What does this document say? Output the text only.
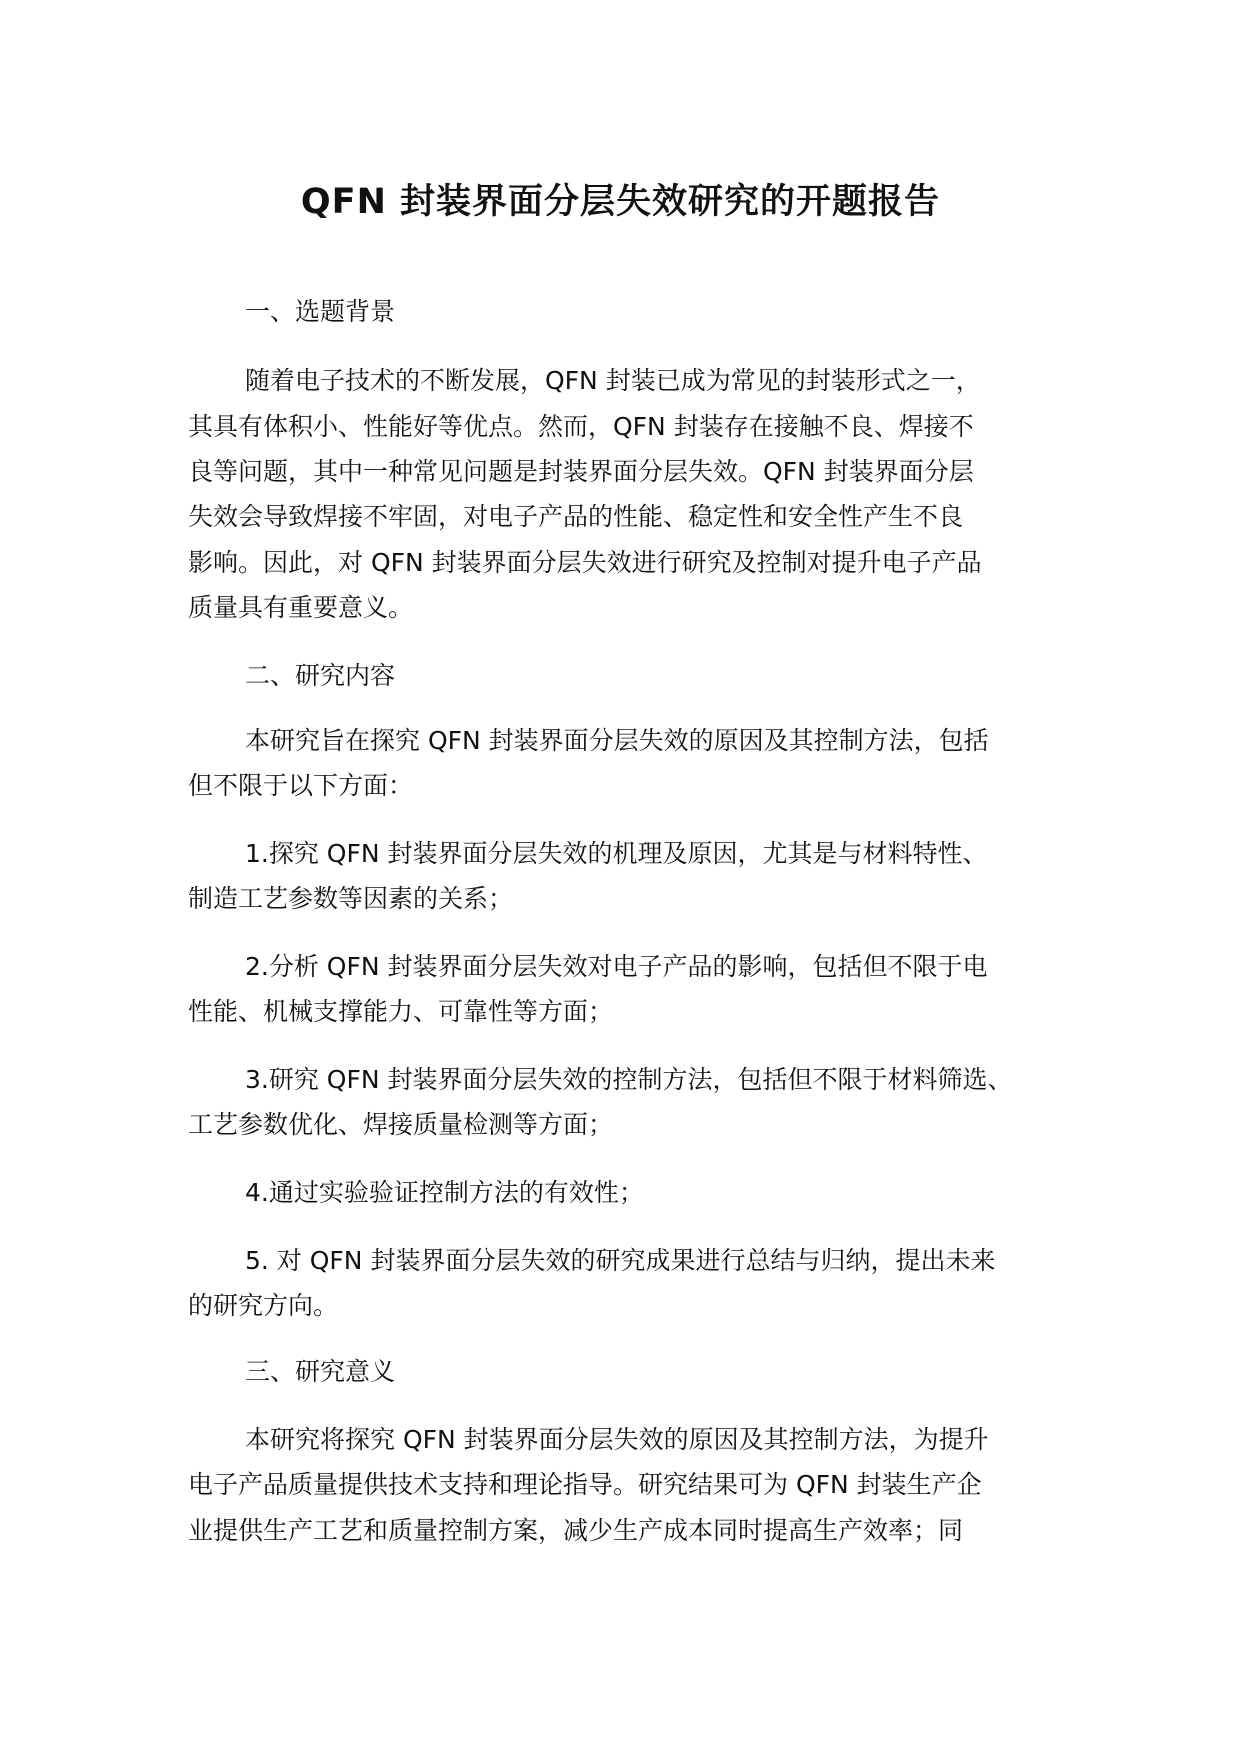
QFN 封装界面分层失效研究的开题报告
一、选题背景
随着电子技术的不断发展，QFN 封装已成为常见的封装形式之一，
其具有体积小、性能好等优点。然而，QFN 封装存在接触不良、焊接不
良等问题，其中一种常见问题是封装界面分层失效。QFN 封装界面分层
失效会导致焊接不牢固，对电子产品的性能、稳定性和安全性产生不良
影响。因此，对 QFN 封装界面分层失效进行研究及控制对提升电子产品
质量具有重要意义。
二、研究内容
本研究旨在探究 QFN 封装界面分层失效的原因及其控制方法，包括
但不限于以下方面：
1.探究 QFN 封装界面分层失效的机理及原因，尤其是与材料特性、
制造工艺参数等因素的关系；
2.分析 QFN 封装界面分层失效对电子产品的影响，包括但不限于电
性能、机械支撑能力、可靠性等方面；
3.研究 QFN 封装界面分层失效的控制方法，包括但不限于材料筛选、
工艺参数优化、焊接质量检测等方面；
4.通过实验验证控制方法的有效性；
5. 对 QFN 封装界面分层失效的研究成果进行总结与归纳，提出未来
的研究方向。
三、研究意义
本研究将探究 QFN 封装界面分层失效的原因及其控制方法，为提升
电子产品质量提供技术支持和理论指导。研究结果可为 QFN 封装生产企
业提供生产工艺和质量控制方案，减少生产成本同时提高生产效率；同
